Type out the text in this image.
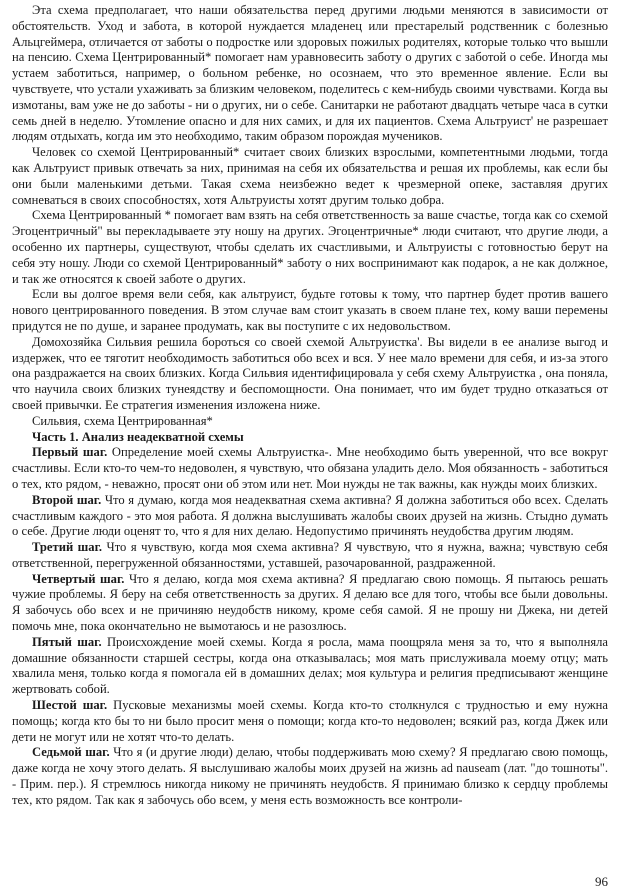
Эта схема предполагает, что наши обязательства перед другими людьми меняются в зависимости от обстоятельств. Уход и забота, в которой нуждается младенец или престарелый родственник с болезнью Альцгеймера, отличается от заботы о подростке или здоровых пожилых родителях, которые только что вышли на пенсию. Схема Центрированный* помогает нам уравновесить заботу о других с заботой о себе. Иногда мы устаем заботиться, например, о больном ребенке, но осознаем, что это временное явление. Если вы чувствуете, что устали ухаживать за близким человеком, поделитесь с кем-нибудь своими чувствами. Когда вы измотаны, вам уже не до заботы - ни о других, ни о себе. Санитарки не работают двадцать четыре часа в сутки семь дней в неделю. Утомление опасно и для них самих, и для их пациентов. Схема Альтруист' не разрешает людям отдыхать, когда им это необходимо, таким образом порождая мучеников.

Человек со схемой Центрированный* считает своих близких взрослыми, компетентными людьми, тогда как Альтруист привык отвечать за них, принимая на себя их обязательства и решая их проблемы, как если бы они были маленькими детьми. Такая схема неизбежно ведет к чрезмерной опеке, заставляя других сомневаться в своих способностях, хотя Альтруисты хотят другим только добра.

Схема Центрированный * помогает вам взять на себя ответственность за ваше счастье, тогда как со схемой Эгоцентричный" вы перекладываете эту ношу на других. Эгоцентричные* люди считают, что другие люди, а особенно их партнеры, существуют, чтобы сделать их счастливыми, и Альтруисты с готовностью берут на себя эту ношу. Люди со схемой Центрированный* заботу о них воспринимают как подарок, а не как должное, и так же относятся к своей заботе о других.

Если вы долгое время вели себя, как альтруист, будьте готовы к тому, что партнер будет против вашего нового центрированного поведения. В этом случае вам стоит указать в своем плане тех, кому ваши перемены придутся не по душе, и заранее продумать, как вы поступите с их недовольством.

Домохозяйка Сильвия решила бороться со своей схемой Альтруистка'. Вы видели в ее анализе выгод и издержек, что ее тяготит необходимость заботиться обо всех и вся. У нее мало времени для себя, и из-за этого она раздражается на своих близких. Когда Сильвия идентифицировала у себя схему Альтруистка , она поняла, что научила своих близких тунеядству и беспомощности. Она понимает, что им будет трудно отказаться от своей привычки. Ее стратегия изменения изложена ниже.

Сильвия, схема Центрированная*

Часть 1. Анализ неадекватной схемы

Первый шаг. Определение моей схемы Альтруистка-. Мне необходимо быть уверенной, что все вокруг счастливы. Если кто-то чем-то недоволен, я чувствую, что обязана уладить дело. Моя обязанность - заботиться о тех, кто рядом, - неважно, просят они об этом или нет. Мои нужды не так важны, как нужды моих близких.

Второй шаг. Что я думаю, когда моя неадекватная схема активна? Я должна заботиться обо всех. Сделать счастливым каждого - это моя работа. Я должна выслушивать жалобы своих друзей на жизнь. Стыдно думать о себе. Другие люди оценят то, что я для них делаю. Недопустимо причинять неудобства другим людям.

Третий шаг. Что я чувствую, когда моя схема активна? Я чувствую, что я нужна, важна; чувствую себя ответственной, перегруженной обязанностями, уставшей, разочарованной, раздраженной.

Четвертый шаг. Что я делаю, когда моя схема активна? Я предлагаю свою помощь. Я пытаюсь решать чужие проблемы. Я беру на себя ответственность за других. Я делаю все для того, чтобы все были довольны. Я забочусь обо всех и не причиняю неудобств никому, кроме себя самой. Я не прошу ни Джека, ни детей помочь мне, пока окончательно не вымотаюсь и не разозлюсь.

Пятый шаг. Происхождение моей схемы. Когда я росла, мама поощряла меня за то, что я выполняла домашние обязанности старшей сестры, когда она отказывалась; моя мать прислуживала моему отцу; мать хвалила меня, только когда я помогала ей в домашних делах; моя культура и религия предписывают женщине жертвовать собой.

Шестой шаг. Пусковые механизмы моей схемы. Когда кто-то столкнулся с трудностью и ему нужна помощь; когда кто бы то ни было просит меня о помощи; когда кто-то недоволен; всякий раз, когда Джек или дети не могут или не хотят что-то делать.

Седьмой шаг. Что я (и другие люди) делаю, чтобы поддерживать мою схему? Я предлагаю свою помощь, даже когда не хочу этого делать. Я выслушиваю жалобы моих друзей на жизнь ad nauseam (лат. "до тошноты". - Прим. пер.). Я стремлюсь никогда никому не причинять неудобств. Я принимаю близко к сердцу проблемы тех, кто рядом. Так как я забочусь обо всем, у меня есть возможность все контроли-

96
